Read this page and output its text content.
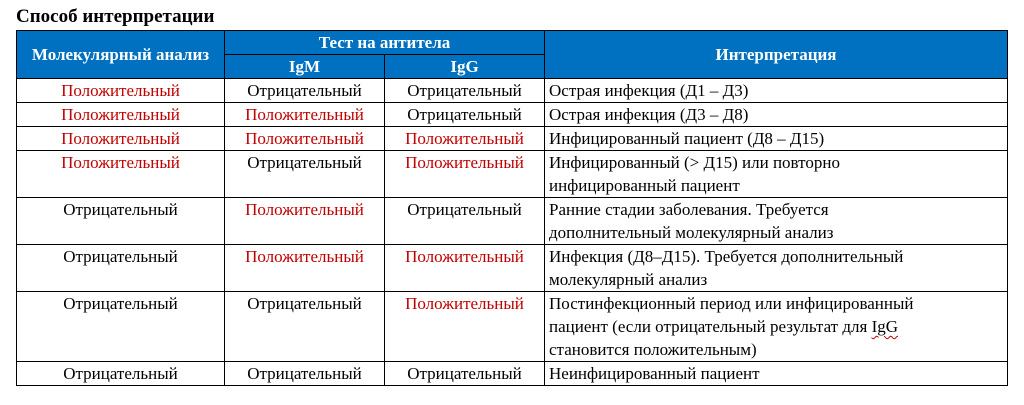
Способ интерпретации
Молекулярный анализ	Тест на антитела		Интерпретация
	IgM	IgG	
Положительный	Отрицательный	Отрицательный	Острая инфекция (Д1 – Д3)
Положительный	Положительный	Отрицательный	Острая инфекция (Д3 – Д8)
Положительный	Положительный	Положительный	Инфицированный пациент (Д8 – Д15)
Положительный	Отрицательный	Положительный	Инфицированный (> Д15) или повторно
инфицированный пациент
Отрицательный	Положительный	Отрицательный	Ранние стадии заболевания. Требуется
дополнительный молекулярный анализ
Отрицательный	Положительный	Положительный	Инфекция (Д8–Д15). Требуется дополнительный
молекулярный анализ
Отрицательный	Отрицательный	Положительный	Постинфекционный период или инфицированный
пациент (если отрицательный результат для IgG
становится положительным)
Отрицательный	Отрицательный	Отрицательный	Неинфицированный пациент
